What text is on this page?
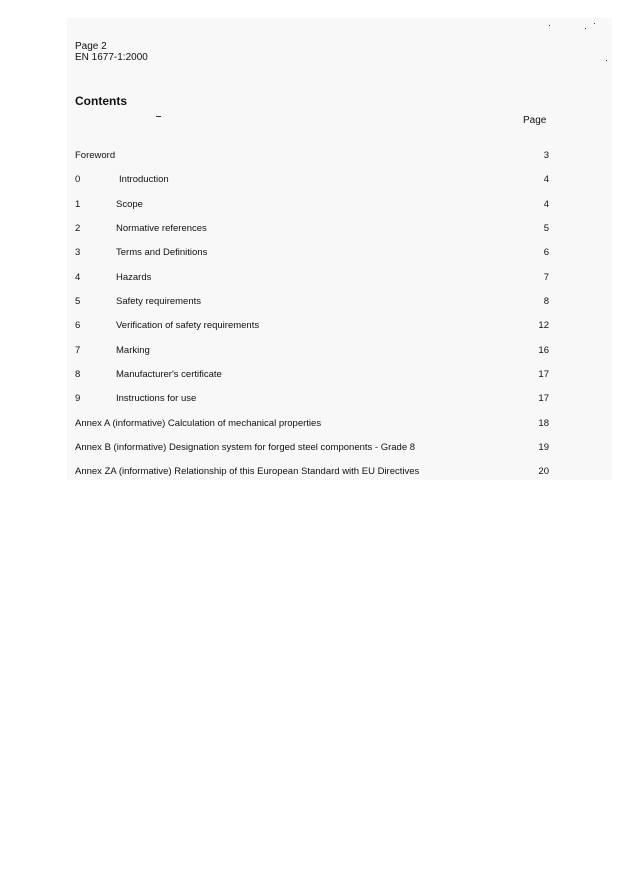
Page 2
EN 1677-1:2000
Contents
Page
Foreword	3
0	Introduction	4
1	Scope	4
2	Normative references	5
3	Terms and Definitions	6
4	Hazards	7
5	Safety requirements	8
6	Verification of safety requirements	12
7	Marking	16
8	Manufacturer's certificate	17
9	Instructions for use	17
Annex A (informative) Calculation of mechanical properties	18
Annex B (informative) Designation system for forged steel components - Grade 8	19
Annex ZA (informative) Relationship of this European Standard with EU Directives	20
